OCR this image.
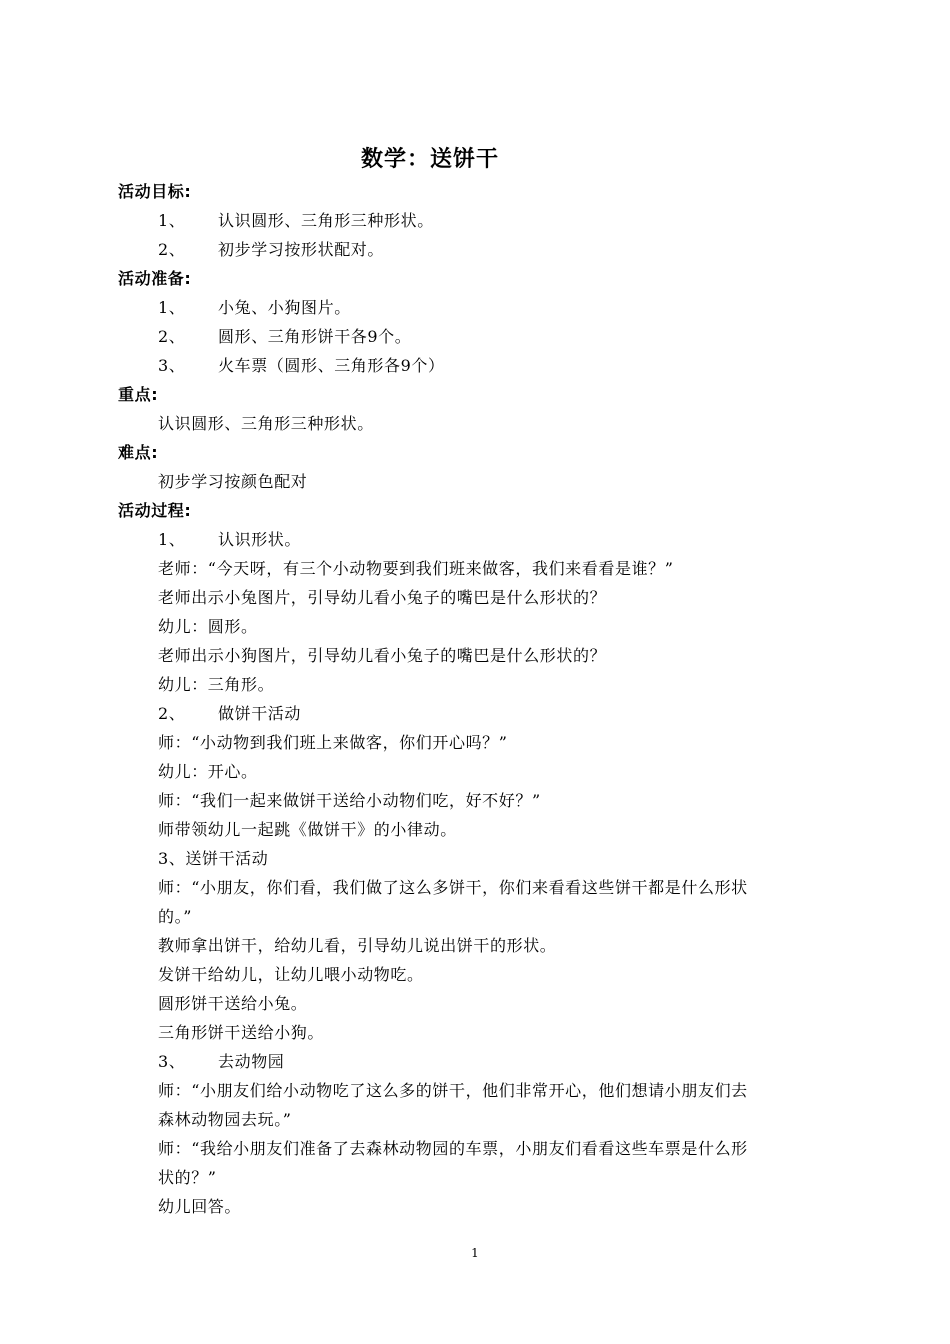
数学：送饼干
活动目标:
1、 认识圆形、三角形三种形状。
2、 初步学习按形状配对。
活动准备:
1、 小兔、小狗图片。
2、 圆形、三角形饼干各9个。
3、 火车票（圆形、三角形各9个）
重点:
认识圆形、三角形三种形状。
难点:
初步学习按颜色配对
活动过程:
1、 认识形状。
老师：“今天呀，有三个小动物要到我们班来做客，我们来看看是谁？”
老师出示小兔图片，引导幼儿看小兔子的嘴巴是什么形状的？
幼儿：圆形。
老师出示小狗图片，引导幼儿看小兔子的嘴巴是什么形状的？
幼儿：三角形。
2、 做饼干活动
师：“小动物到我们班上来做客，你们开心吗？”
幼儿：开心。
师：“我们一起来做饼干送给小动物们吃，好不好？”
师带领幼儿一起跳《做饼干》的小律动。
3、送饼干活动
师：“小朋友，你们看，我们做了这么多饼干，你们来看看这些饼干都是什么形状
的。”
教师拿出饼干，给幼儿看，引导幼儿说出饼干的形状。
发饼干给幼儿，让幼儿喂小动物吃。
圆形饼干送给小兔。
三角形饼干送给小狗。
3、 去动物园
师：“小朋友们给小动物吃了这么多的饼干，他们非常开心，他们想请小朋友们去
森林动物园去玩。”
师：“我给小朋友们准备了去森林动物园的车票，小朋友们看看这些车票是什么形
状的？”
幼儿回答。
1
